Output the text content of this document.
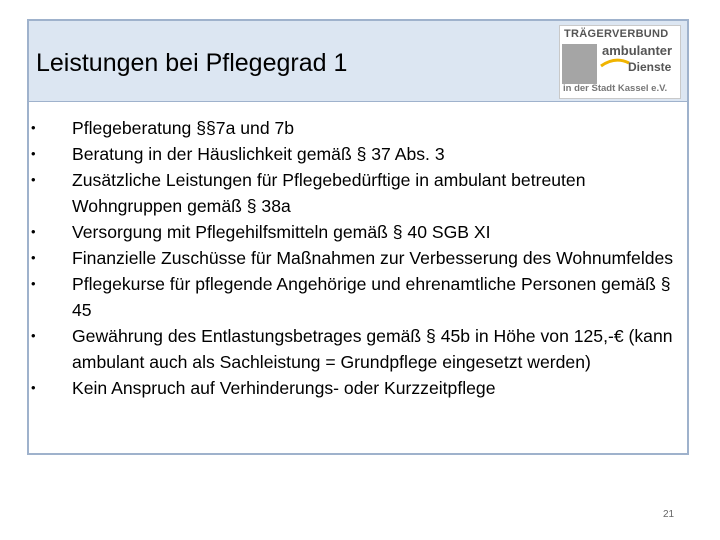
Leistungen bei Pflegegrad 1
TRÄGERVERBUND
ambulanter
Dienste
in der Stadt Kassel e.V.
• Pflegeberatung §§7a und 7b
• Beratung in der Häuslichkeit gemäß § 37 Abs. 3
• Zusätzliche Leistungen für Pflegebedürftige in ambulant betreuten Wohngruppen gemäß § 38a
• Versorgung mit Pflegehilfsmitteln gemäß § 40 SGB XI
• Finanzielle Zuschüsse für Maßnahmen zur Verbesserung des Wohnumfeldes
• Pflegekurse für pflegende Angehörige und ehrenamtliche Personen gemäß § 45
• Gewährung des Entlastungsbetrages gemäß § 45b in Höhe von 125,-€ (kann ambulant auch als Sachleistung = Grundpflege eingesetzt werden)
• Kein Anspruch auf Verhinderungs- oder Kurzzeitpflege
21
